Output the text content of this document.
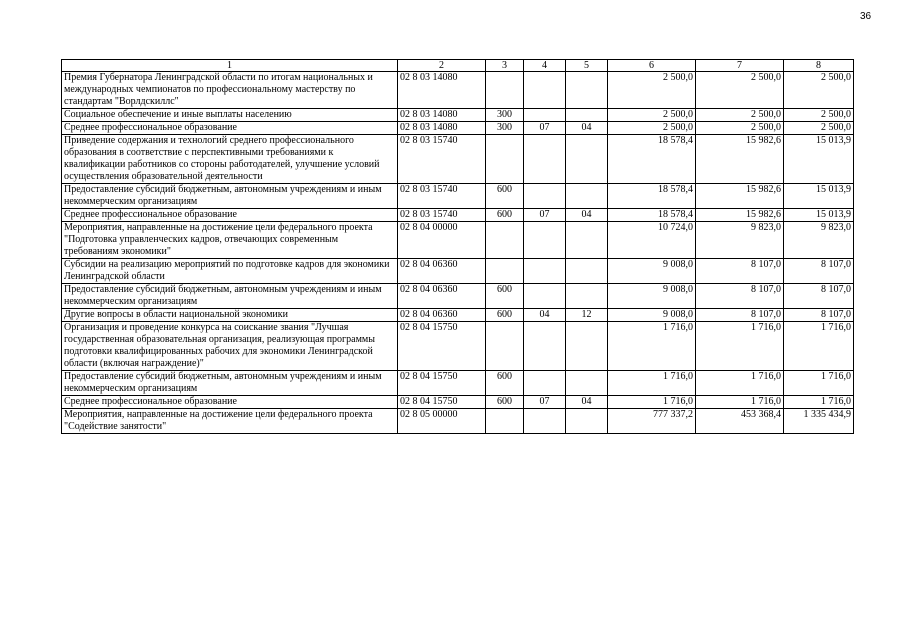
36
1	2	3	4	5	6	7	8
Премия Губернатора Ленинградской области по итогам национальных и международных чемпионатов по профессиональному мастерству по стандартам "Ворлдскиллс"	02 8 03 14080				2 500,0	2 500,0	2 500,0
Социальное обеспечение и иные выплаты населению	02 8 03 14080	300			2 500,0	2 500,0	2 500,0
Среднее профессиональное образование	02 8 03 14080	300	07	04	2 500,0	2 500,0	2 500,0
Приведение содержания и технологий среднего профессионального образования в соответствие с перспективными требованиями к квалификации работников со стороны работодателей, улучшение условий осуществления образовательной деятельности	02 8 03 15740				18 578,4	15 982,6	15 013,9
Предоставление субсидий бюджетным, автономным учреждениям и иным некоммерческим организациям	02 8 03 15740	600			18 578,4	15 982,6	15 013,9
Среднее профессиональное образование	02 8 03 15740	600	07	04	18 578,4	15 982,6	15 013,9
Мероприятия, направленные на достижение цели федерального проекта "Подготовка управленческих кадров, отвечающих современным требованиям экономики"	02 8 04 00000				10 724,0	9 823,0	9 823,0
Субсидии на реализацию мероприятий по подготовке кадров для экономики Ленинградской области	02 8 04 06360				9 008,0	8 107,0	8 107,0
Предоставление субсидий бюджетным, автономным учреждениям и иным некоммерческим организациям	02 8 04 06360	600			9 008,0	8 107,0	8 107,0
Другие вопросы в области национальной экономики	02 8 04 06360	600	04	12	9 008,0	8 107,0	8 107,0
Организация и проведение конкурса на соискание звания "Лучшая государственная образовательная организация, реализующая программы подготовки квалифицированных рабочих для экономики Ленинградской области (включая награждение)"	02 8 04 15750				1 716,0	1 716,0	1 716,0
Предоставление субсидий бюджетным, автономным учреждениям и иным некоммерческим организациям	02 8 04 15750	600			1 716,0	1 716,0	1 716,0
Среднее профессиональное образование	02 8 04 15750	600	07	04	1 716,0	1 716,0	1 716,0
Мероприятия, направленные на достижение цели федерального проекта "Содействие занятости"	02 8 05 00000				777 337,2	453 368,4	1 335 434,9
